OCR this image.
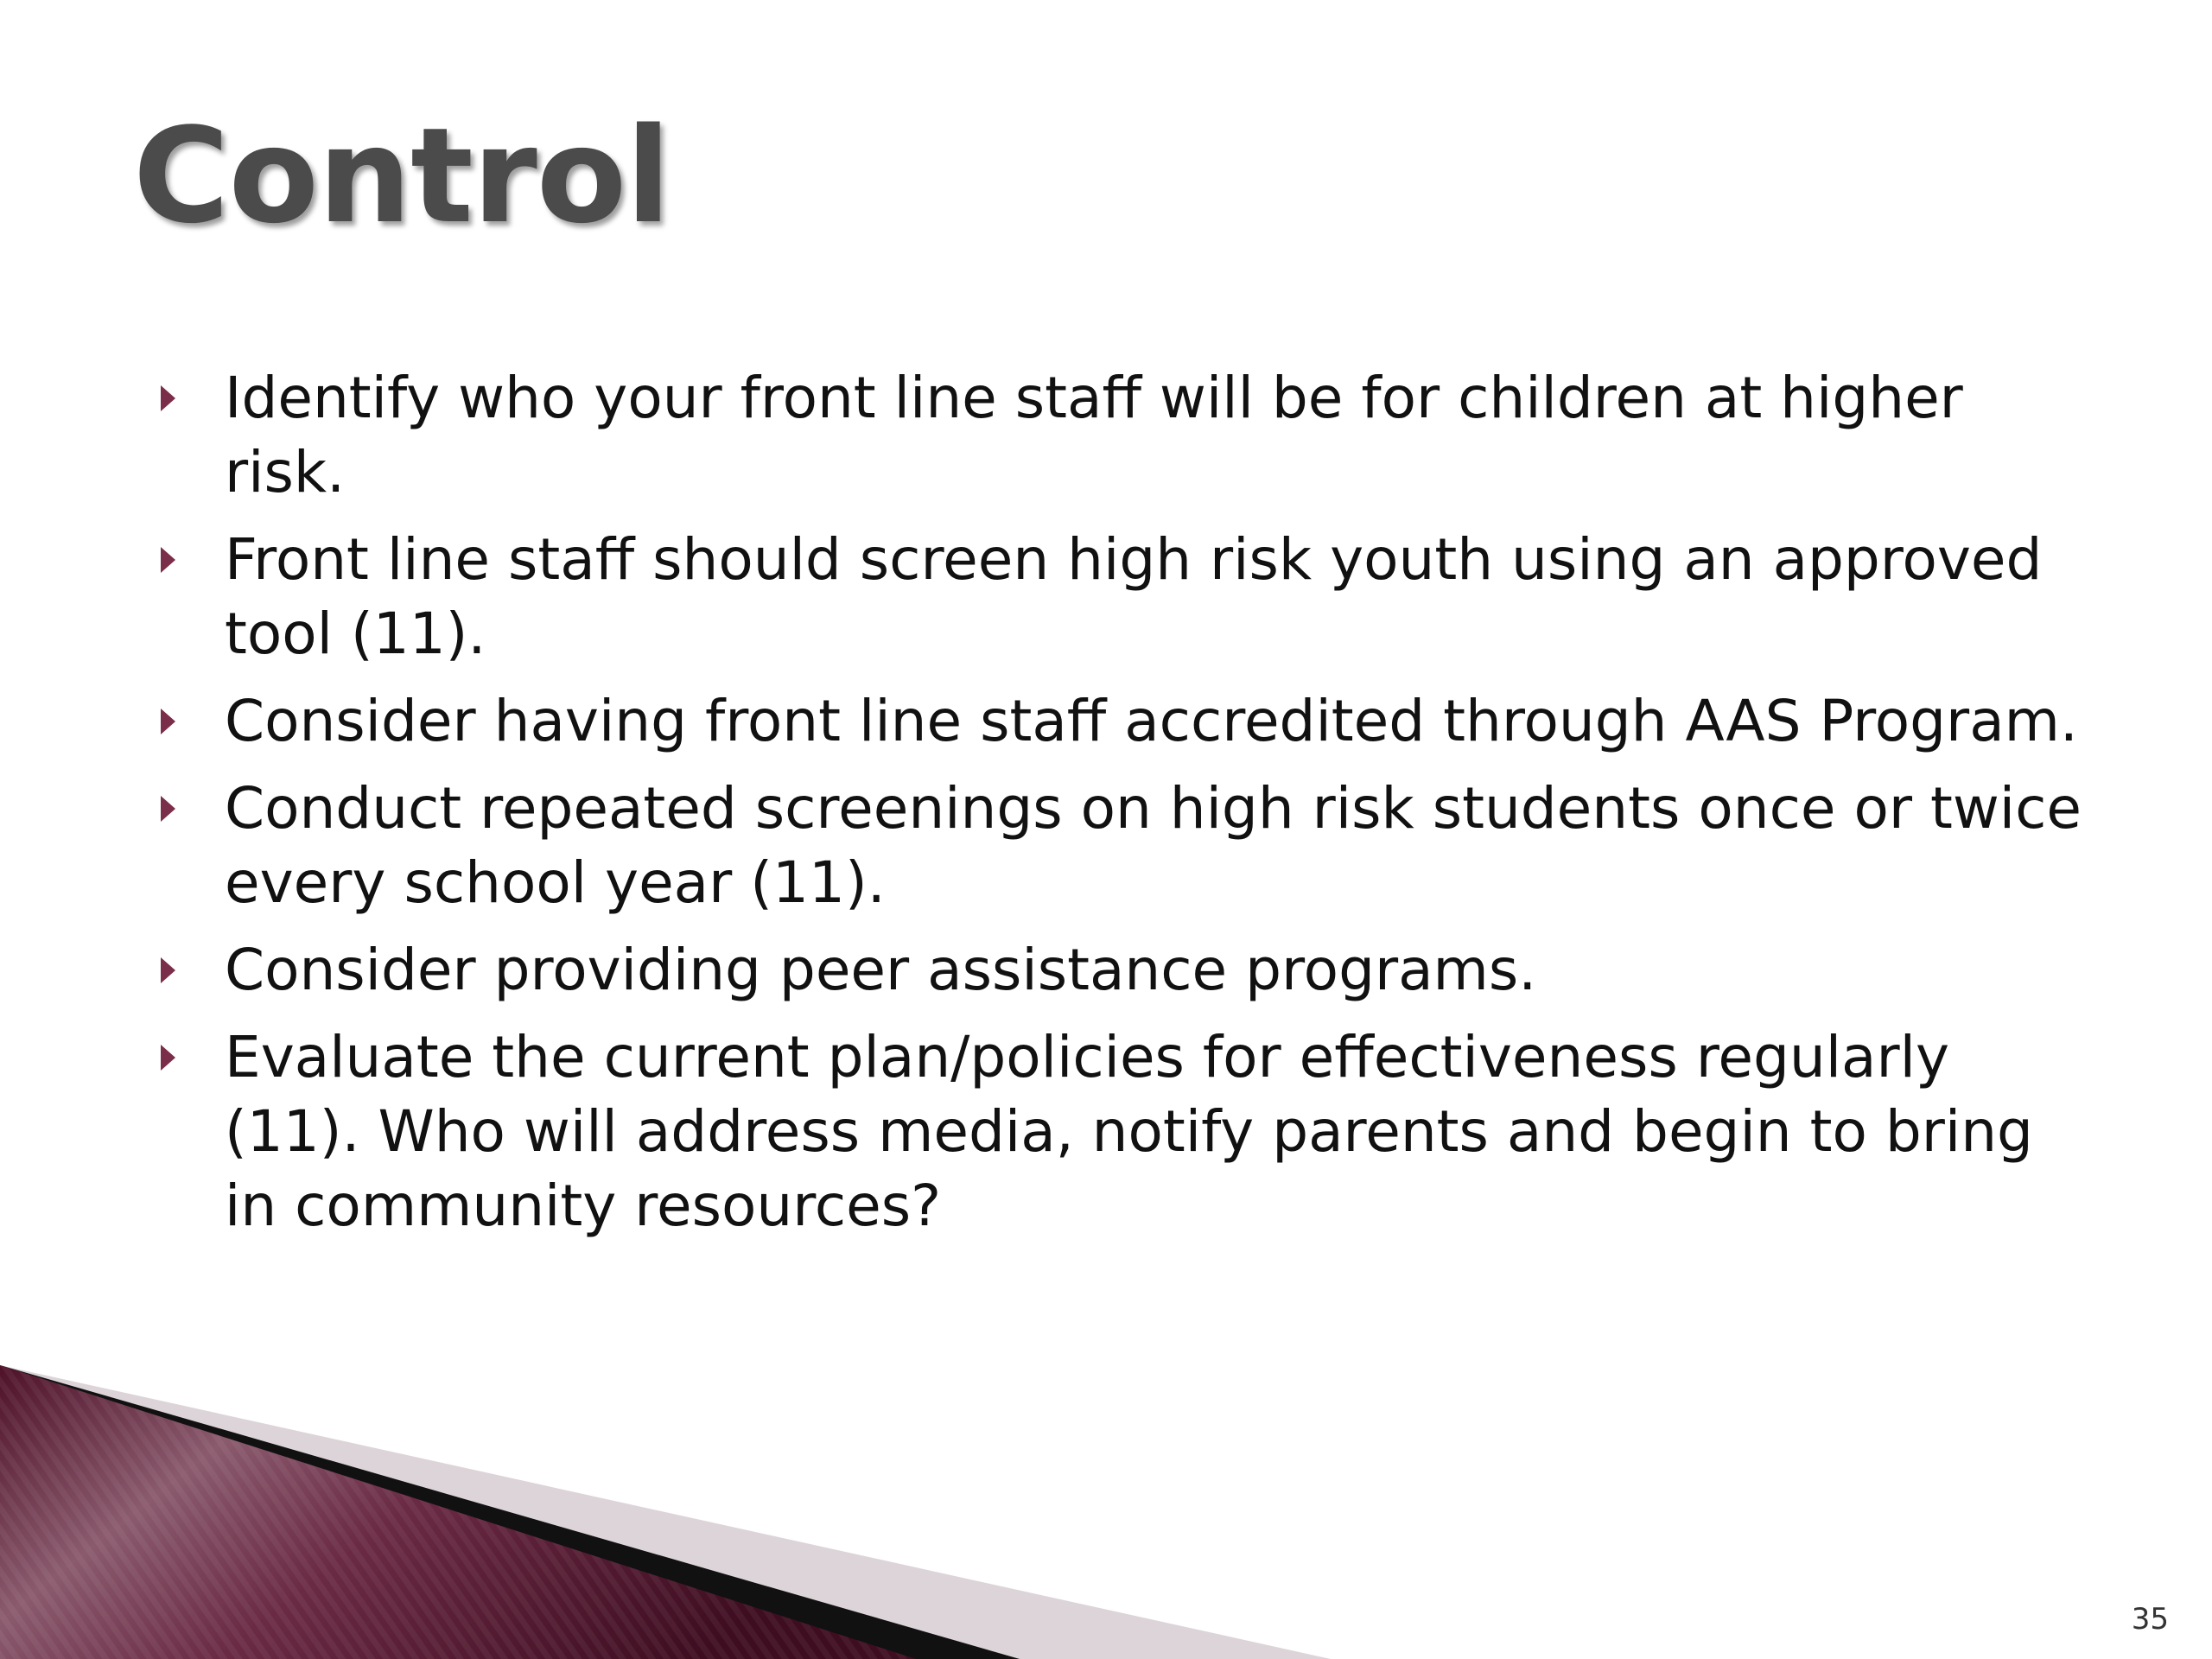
Control
Identify who your front line staff will be for children at higher risk.
Front line staff should screen high risk youth using an approved tool (11).
Consider having front line staff accredited through AAS Program.
Conduct repeated screenings on high risk students once or twice every school year (11).
Consider providing peer assistance programs.
Evaluate the current plan/policies for effectiveness regularly (11). Who will address media, notify parents and begin to bring in community resources?
35
